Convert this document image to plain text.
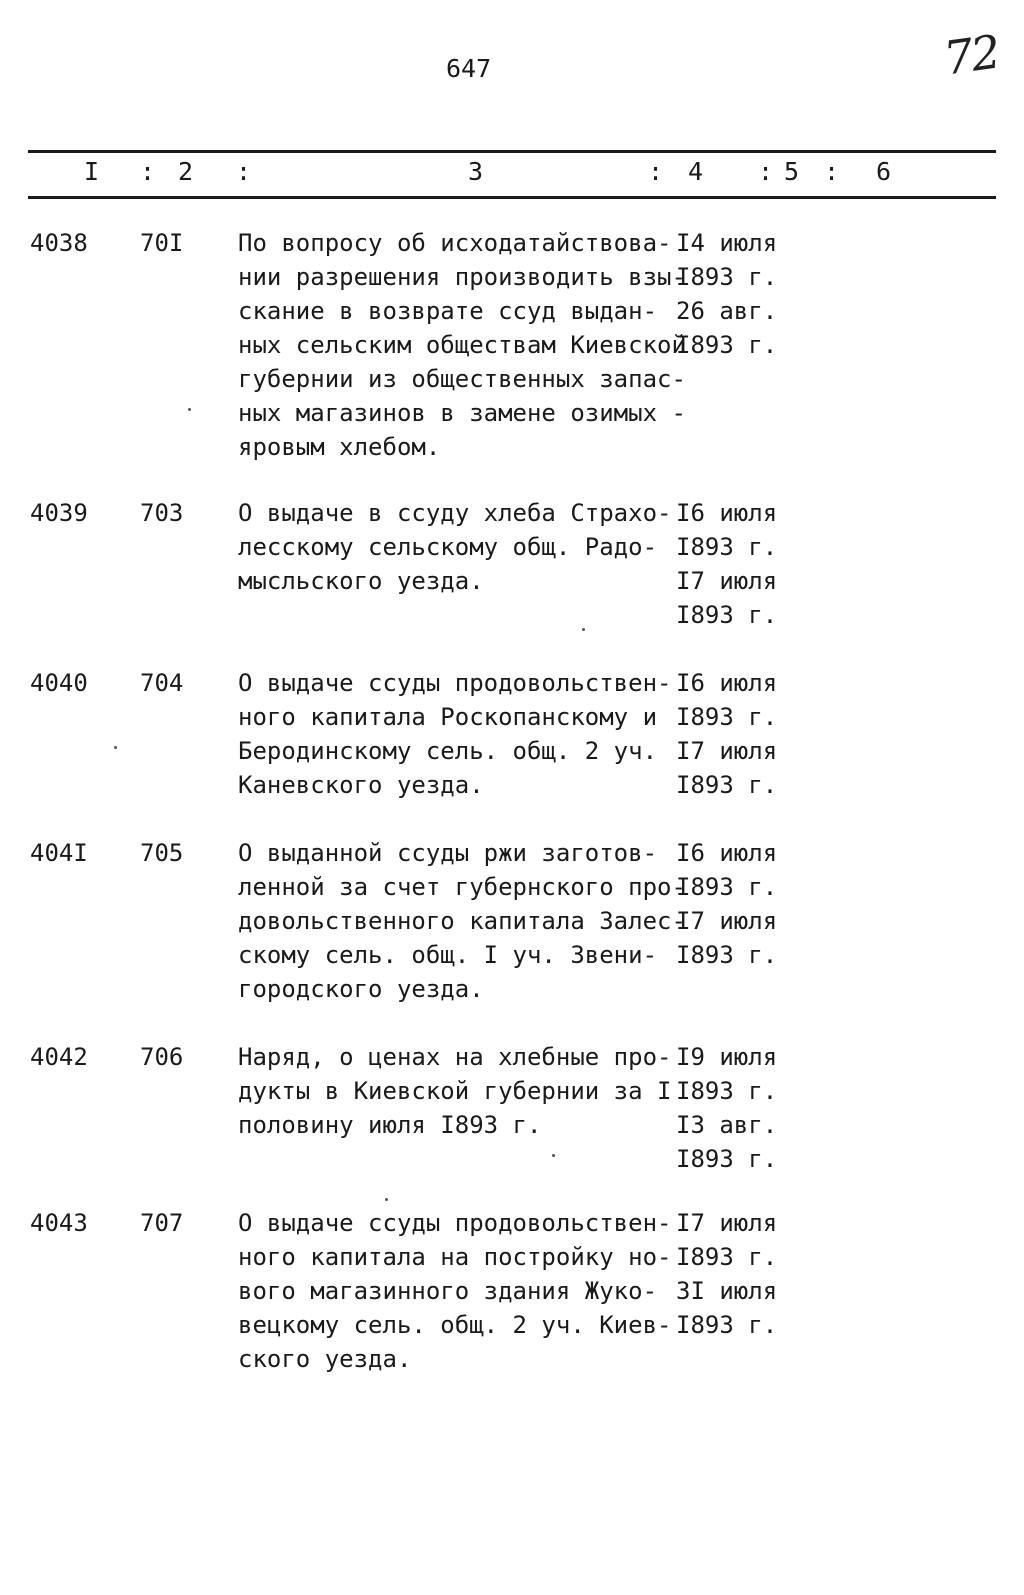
647	72
I : 2 :	3	: 4 : 5 : 6
4038 70I По вопросу об исходатайствова-
нии разрешения производить взы-
скание в возврате ссуд выдан-
ных сельским обществам Киевской
губернии из общественных запас-
ных магазинов в замене озимых -
яровым хлебом.
I4 июля
I893 г.
26 авг.
I893 г.
4039 703 О выдаче в ссуду хлеба Страхо-
лесскому сельскому общ. Радо-
мысльского уезда.
I6 июля
I893 г.
I7 июля
I893 г.
4040 704 О выдаче ссуды продовольствен-
ного капитала Роскопанскому и
Беродинскому сель. общ. 2 уч.
Каневского уезда.
I6 июля
I893 г.
I7 июля
I893 г.
404I 705 О выданной ссуды ржи заготов-
ленной за счет губернского про-
довольственного капитала Залес-
скому сель. общ. I уч. Звени-
городского уезда.
I6 июля
I893 г.
I7 июля
I893 г.
4042 706 Наряд, о ценах на хлебные про-
дукты в Киевской губернии за I
половину июля I893 г.
I9 июля
I893 г.
I3 авг.
I893 г.
4043 707 О выдаче ссуды продовольствен-
ного капитала на постройку но-
вого магазинного здания Жуко-
вецкому сель. общ. 2 уч. Киев-
ского уезда.
I7 июля
I893 г.
3I июля
I893 г.
